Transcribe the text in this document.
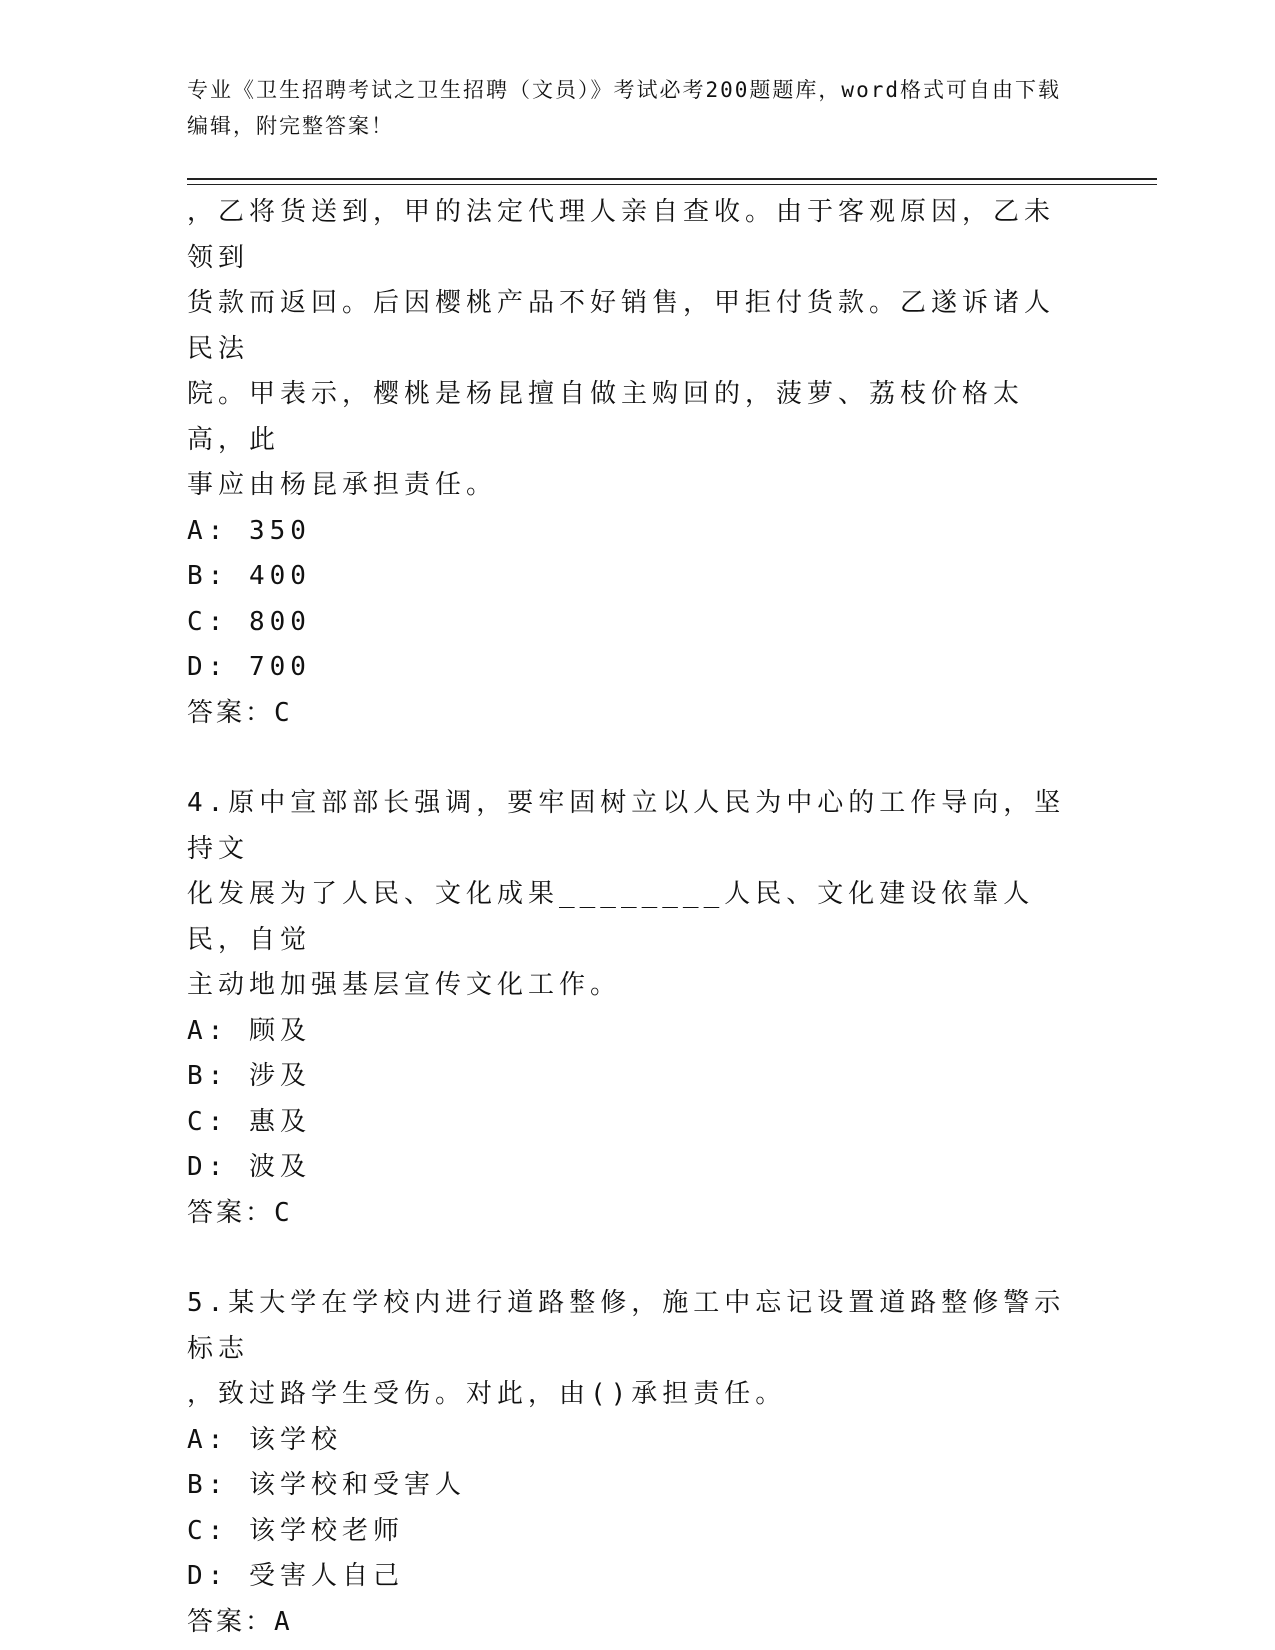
专业《卫生招聘考试之卫生招聘（文员）》考试必考200题题库，word格式可自由下载编辑，附完整答案！

，乙将货送到，甲的法定代理人亲自查收。由于客观原因，乙未领到

货款而返回。后因樱桃产品不好销售，甲拒付货款。乙遂诉诸人民法

院。甲表示，樱桃是杨昆擅自做主购回的，菠萝、荔枝价格太高，此

事应由杨昆承担责任。

A: 350

B: 400

C: 800

D: 700

答案：C

4.原中宣部部长强调，要牢固树立以人民为中心的工作导向，坚持文

化发展为了人民、文化成果________人民、文化建设依靠人民，自觉

主动地加强基层宣传文化工作。

A: 顾及

B: 涉及

C: 惠及

D: 波及

答案：C

5.某大学在学校内进行道路整修，施工中忘记设置道路整修警示标志

，致过路学生受伤。对此，由()承担责任。

A: 该学校

B: 该学校和受害人

C: 该学校老师

D: 受害人自己

答案：A
